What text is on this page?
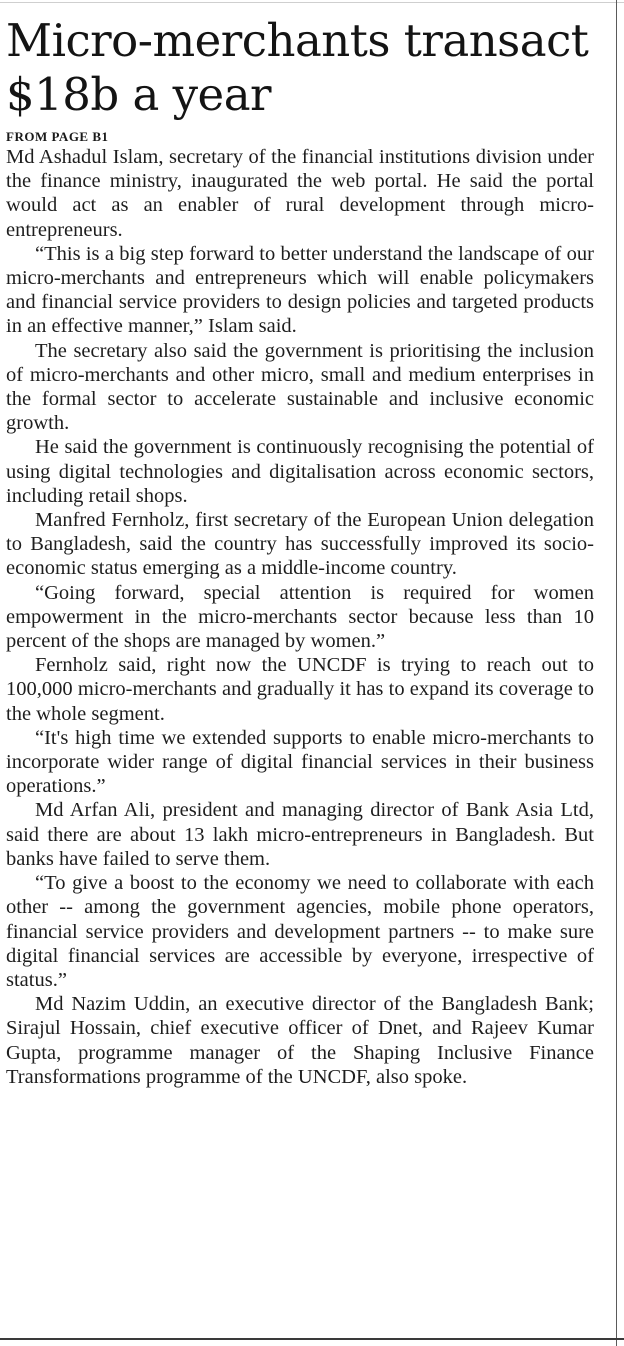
Micro-merchants transact $18b a year
FROM PAGE B1

Md Ashadul Islam, secretary of the financial institutions division under the finance ministry, inaugurated the web portal. He said the portal would act as an enabler of rural development through micro-entrepreneurs.

“This is a big step forward to better understand the landscape of our micro-merchants and entrepreneurs which will enable policymakers and financial service providers to design policies and targeted products in an effective manner,” Islam said.

The secretary also said the government is prioritising the inclusion of micro-merchants and other micro, small and medium enterprises in the formal sector to accelerate sustainable and inclusive economic growth.

He said the government is continuously recognising the potential of using digital technologies and digitalisation across economic sectors, including retail shops.

Manfred Fernholz, first secretary of the European Union delegation to Bangladesh, said the country has successfully improved its socio-economic status emerging as a middle-income country.

“Going forward, special attention is required for women empowerment in the micro-merchants sector because less than 10 percent of the shops are managed by women.”

Fernholz said, right now the UNCDF is trying to reach out to 100,000 micro-merchants and gradually it has to expand its coverage to the whole segment.

“It's high time we extended supports to enable micro-merchants to incorporate wider range of digital financial services in their business operations.”

Md Arfan Ali, president and managing director of Bank Asia Ltd, said there are about 13 lakh micro-entrepreneurs in Bangladesh. But banks have failed to serve them.

“To give a boost to the economy we need to collaborate with each other -- among the government agencies, mobile phone operators, financial service providers and development partners -- to make sure digital financial services are accessible by everyone, irrespective of status.”

Md Nazim Uddin, an executive director of the Bangladesh Bank; Sirajul Hossain, chief executive officer of Dnet, and Rajeev Kumar Gupta, programme manager of the Shaping Inclusive Finance Transformations programme of the UNCDF, also spoke.
